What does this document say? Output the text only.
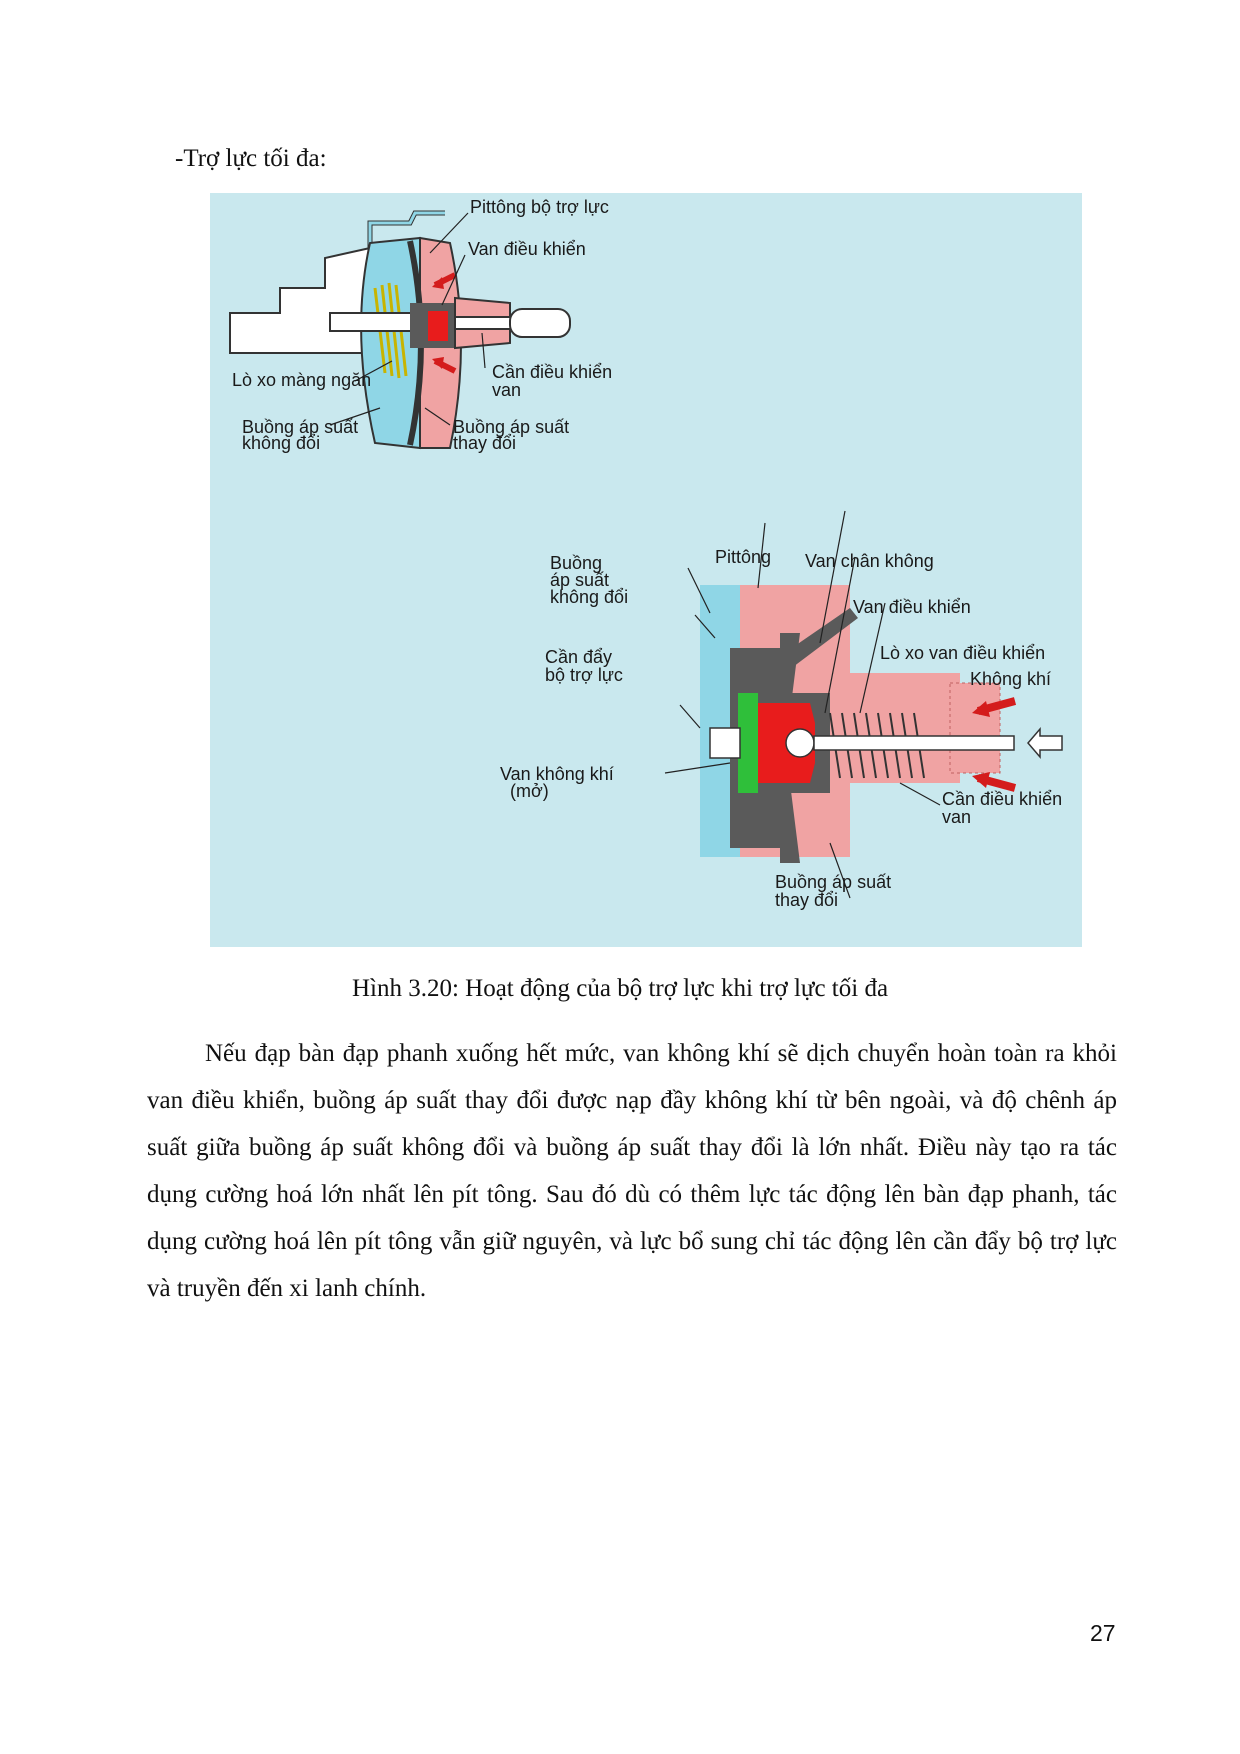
-Trợ lực tối đa:
Pittông bộ trợ lực
Van điều khiển
Cần điều khiển
van
Lò xo màng ngăn
Buồng áp suất
không đổi
Buồng áp suất
thay đổi
Buồng
áp suất
không đổi
Pittông Van chân không
Van điều khiển
Lò xo van điều khiển
Không khí
Cần đẩy
bộ trợ lực
Van không khí
(mở)	Cần điều khiển
van
Buồng áp suất
thay đổi
Hình 3.20: Hoạt động của bộ trợ lực khi trợ lực tối đa

Nếu đạp bàn đạp phanh xuống hết mức, van không khí sẽ dịch chuyển hoàn toàn ra khỏi van điều khiển, buồng áp suất thay đổi được nạp đầy không khí từ bên ngoài, và độ chênh áp suất giữa buồng áp suất không đổi và buồng áp suất thay đổi là lớn nhất. Điều này tạo ra tác dụng cường hoá lớn nhất lên pít tông. Sau đó dù có thêm lực tác động lên bàn đạp phanh, tác dụng cường hoá lên pít tông vẫn giữ nguyên, và lực bổ sung chỉ tác động lên cần đẩy bộ trợ lực và truyền đến xi lanh chính.

27
